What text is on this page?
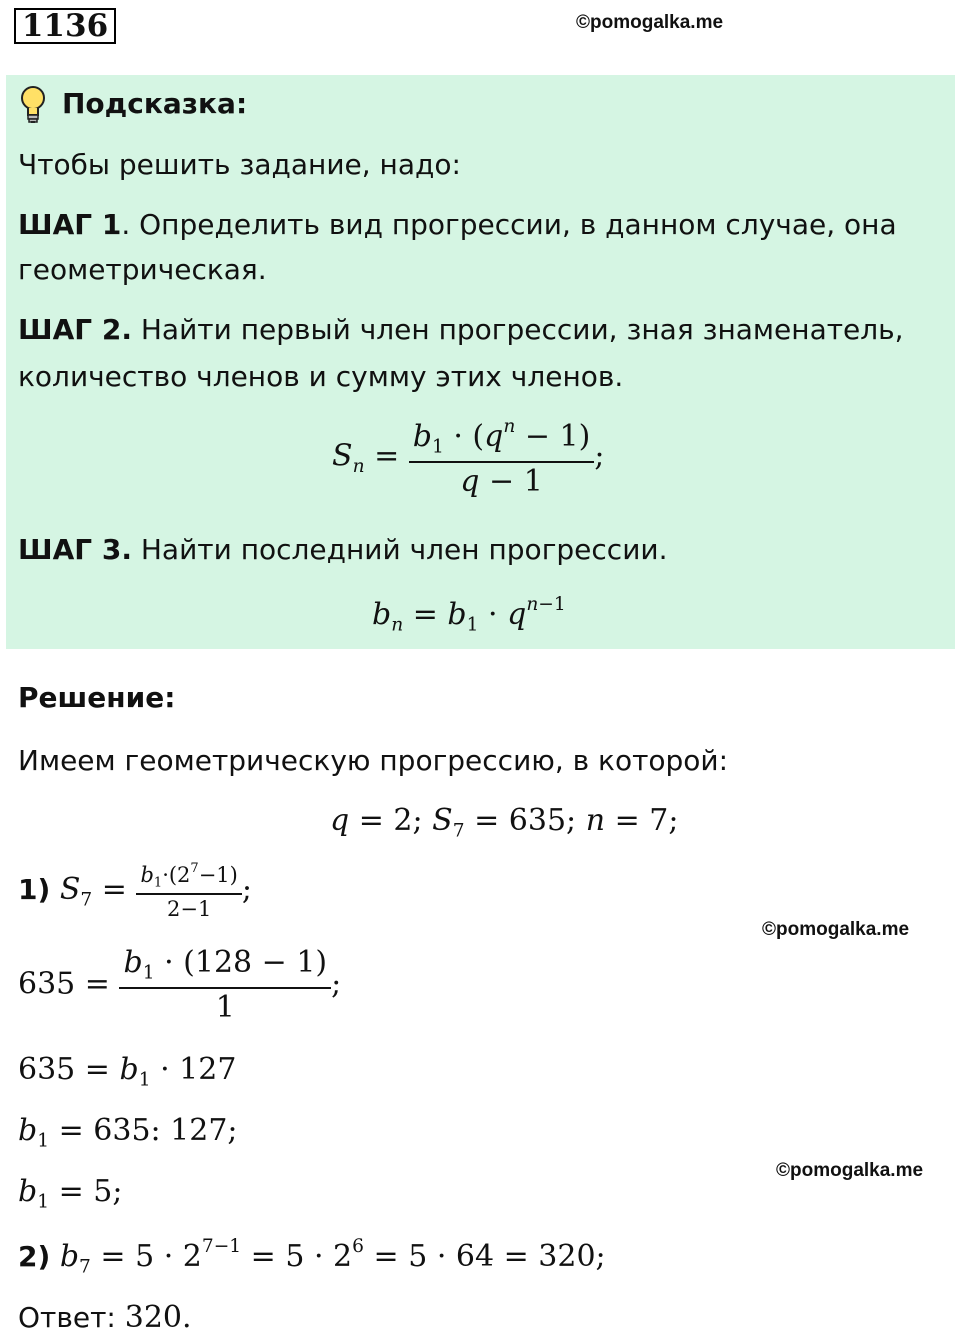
1136	©pomogalka.me
Подсказка:
Чтобы решить задание, надо:
ШАГ 1. Определить вид прогрессии, в данном случае, она
геометрическая.
ШАГ 2. Найти первый член прогрессии, зная знаменатель,
количество членов и сумму этих членов.
$S_n = \frac{b_1 \cdot (q^n - 1)}{q - 1}$ ;
ШАГ 3. Найти последний член прогрессии.
$b_n = b_1 \cdot q^{n-1}$
Решение:
Имеем геометрическую прогрессию, в которой:
q = 2; $S_7 = 635$; n = 7;
1) $S_7 = \frac{b_1\cdot(2^7-1)}{2-1}$ ;
©pomogalka.me
$635 = \frac{b_1 \cdot (128 - 1)}{1}$ ;
$635 = b_1 \cdot 127$
$b_1 = 635$: 127;
©pomogalka.me
$b_1 = 5$;
2) $b_7 = 5 \cdot 2^{7-1} = 5 \cdot 2^6 = 5 \cdot 64 = 320$;
Ответ: 320.
